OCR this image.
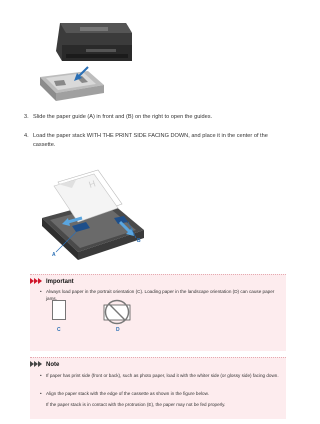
3. Slide the paper guide (A) in front and (B) on the right to open the guides.
4. Load the paper stack WITH THE PRINT SIDE FACING DOWN, and place it in the center of the cassette.
H
A
B
Important
• Always load paper in the portrait orientation (C). Loading paper in the landscape orientation (D) can cause paper jams.
C	D
Note
• If paper has print side (front or back), such as photo paper, load it with the whiter side (or glossy side) facing down.
• Align the paper stack with the edge of the cassette as shown in the figure below.
If the paper stack is in contact with the protrusion (E), the paper may not be fed properly.
